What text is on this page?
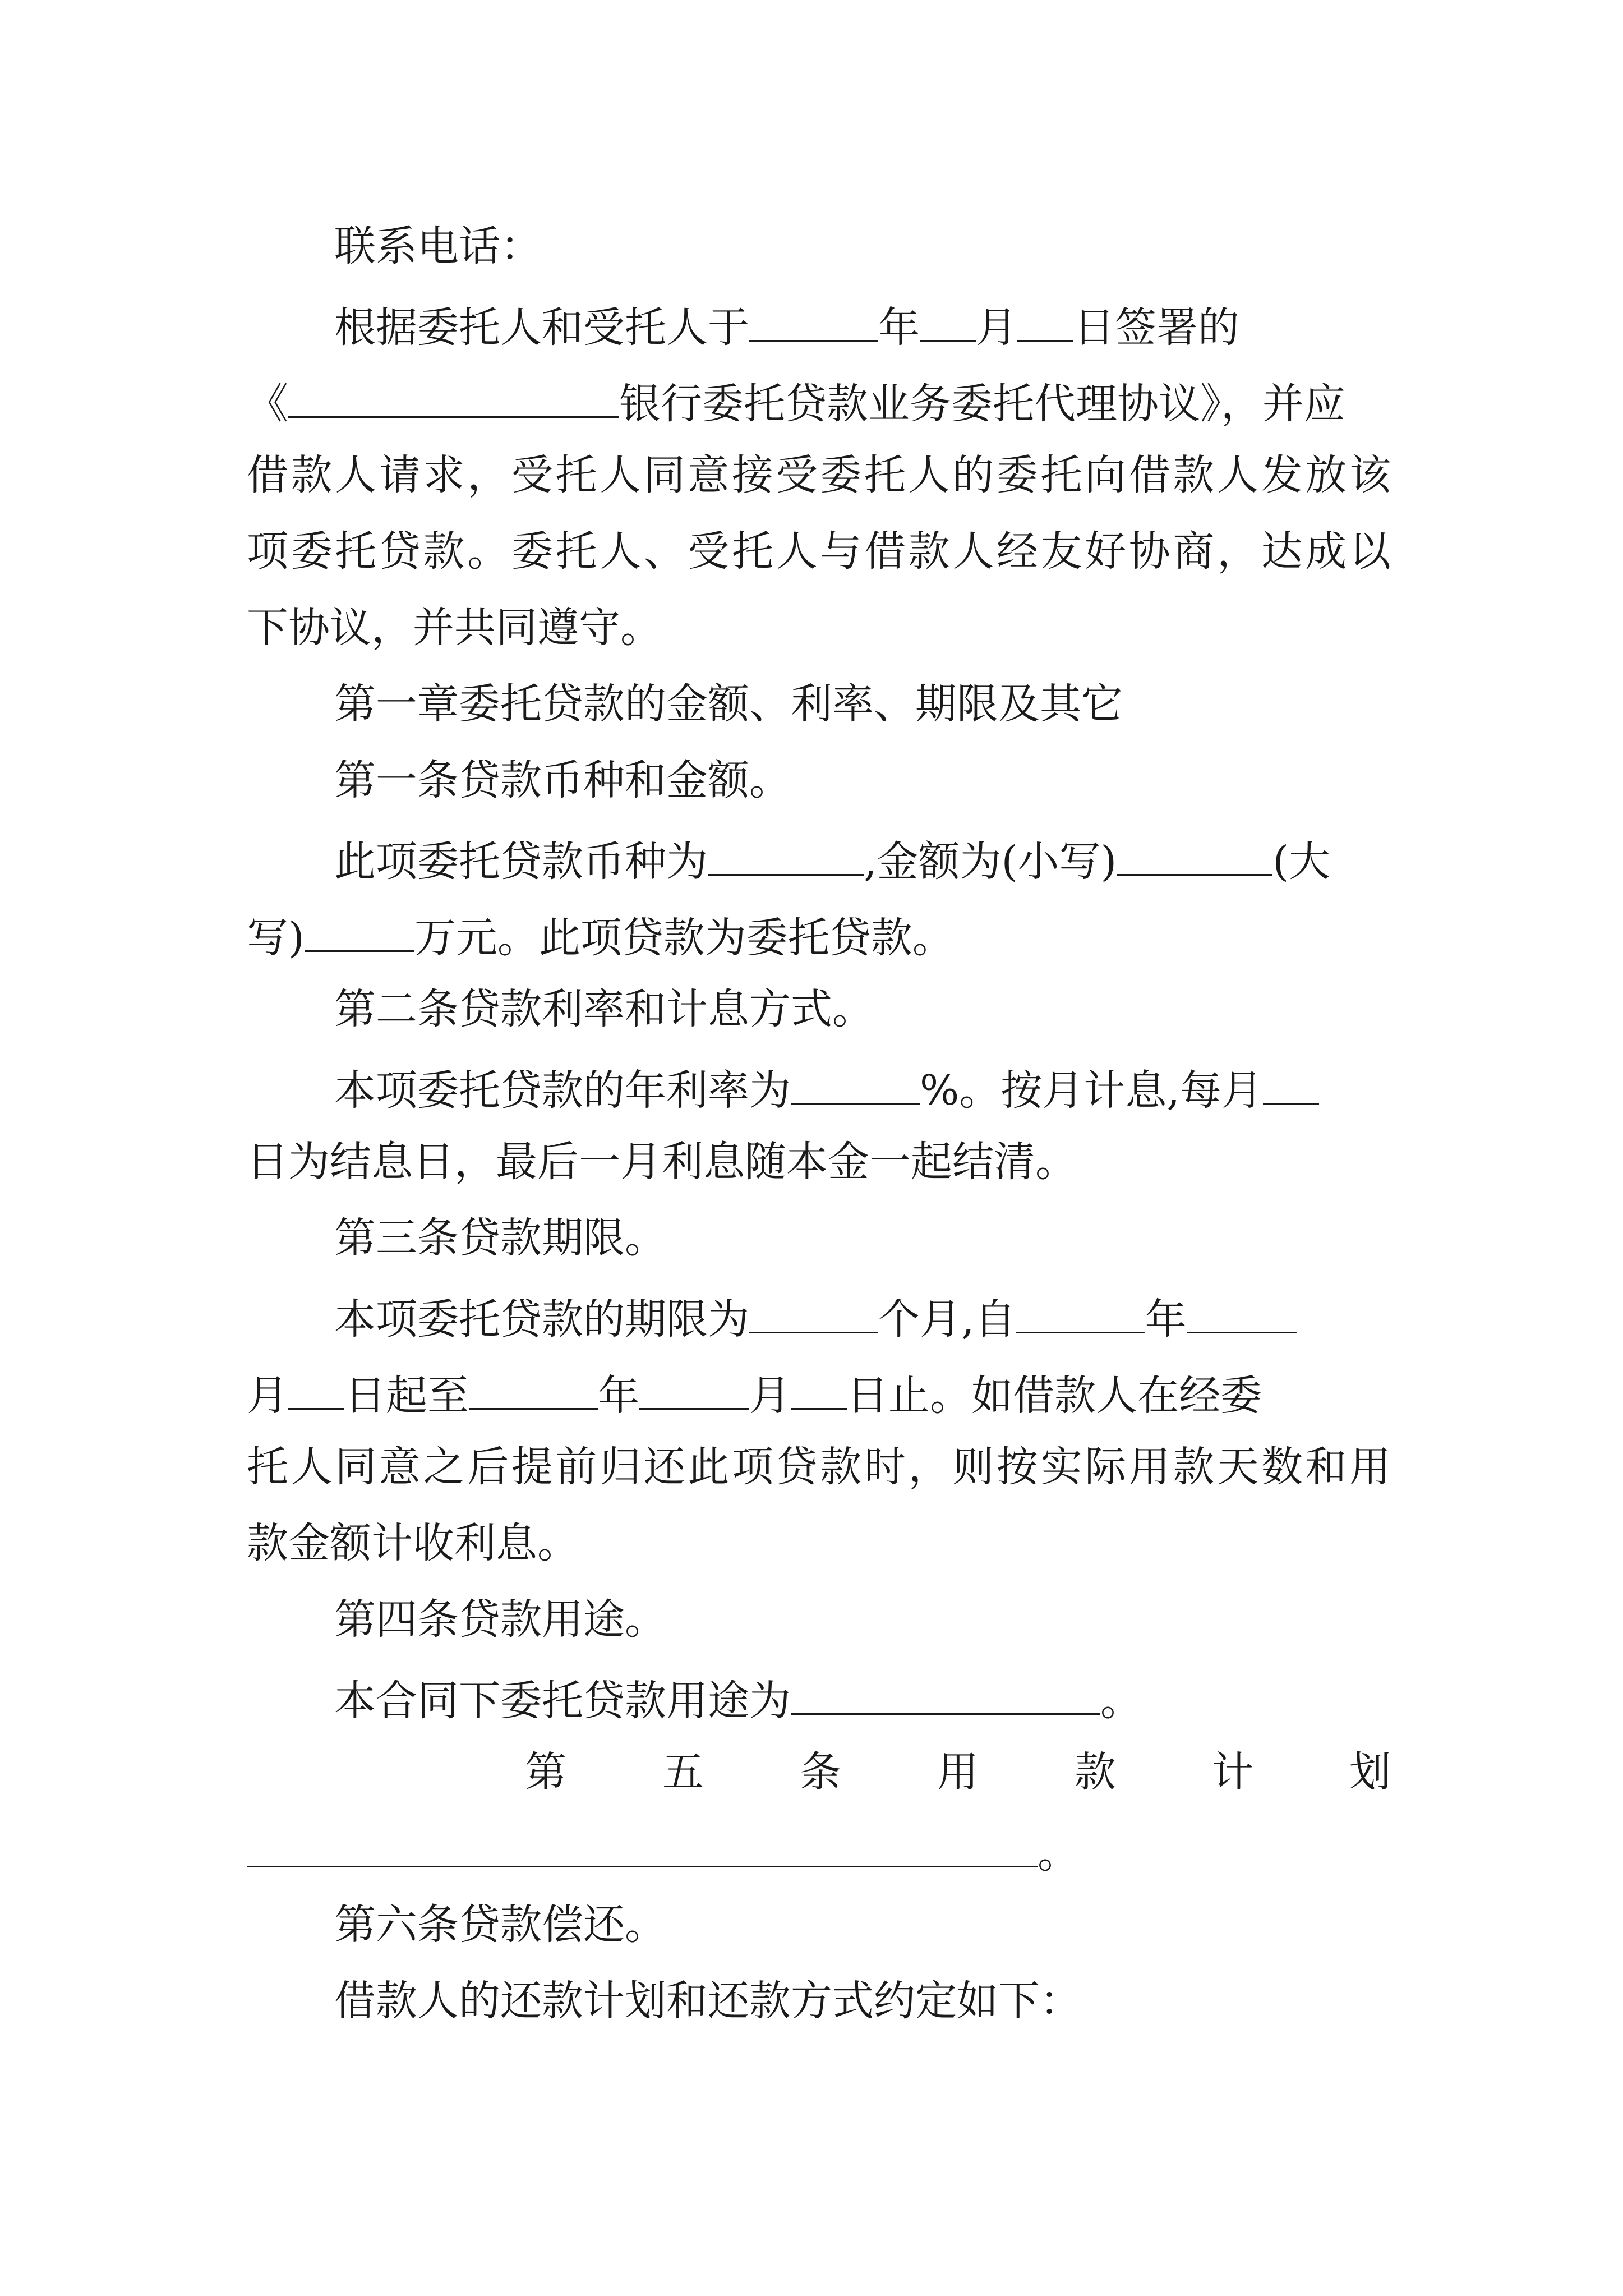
联系电话：
根据委托人和受托人于	年 月 日签署的
《	银行委托贷款业务委托代理协议》，并应
借款人请求，受托人同意接受委托人的委托向借款人发放该
项委托贷款。委托人、受托人与借款人经友好协商，达成以
下协议，并共同遵守。
第一章委托贷款的金额、利率、期限及其它
第一条贷款币种和金额。
此项委托贷款币种为	,金额为(小写)	(大
写)	万元。此项贷款为委托贷款。
第二条贷款利率和计息方式。
本项委托贷款的年利率为	%。按月计息,每月
日为结息日，最后一月利息随本金一起结清。
第三条贷款期限。
本项委托贷款的期限为	个月,自	年
月 日起至	年	月 日止。如借款人在经委
托人同意之后提前归还此项贷款时，则按实际用款天数和用
款金额计收利息。
第四条贷款用途。
本合同下委托贷款用途为	。
第 五 条 用 款 计 划
。
第六条贷款偿还。
借款人的还款计划和还款方式约定如下：
